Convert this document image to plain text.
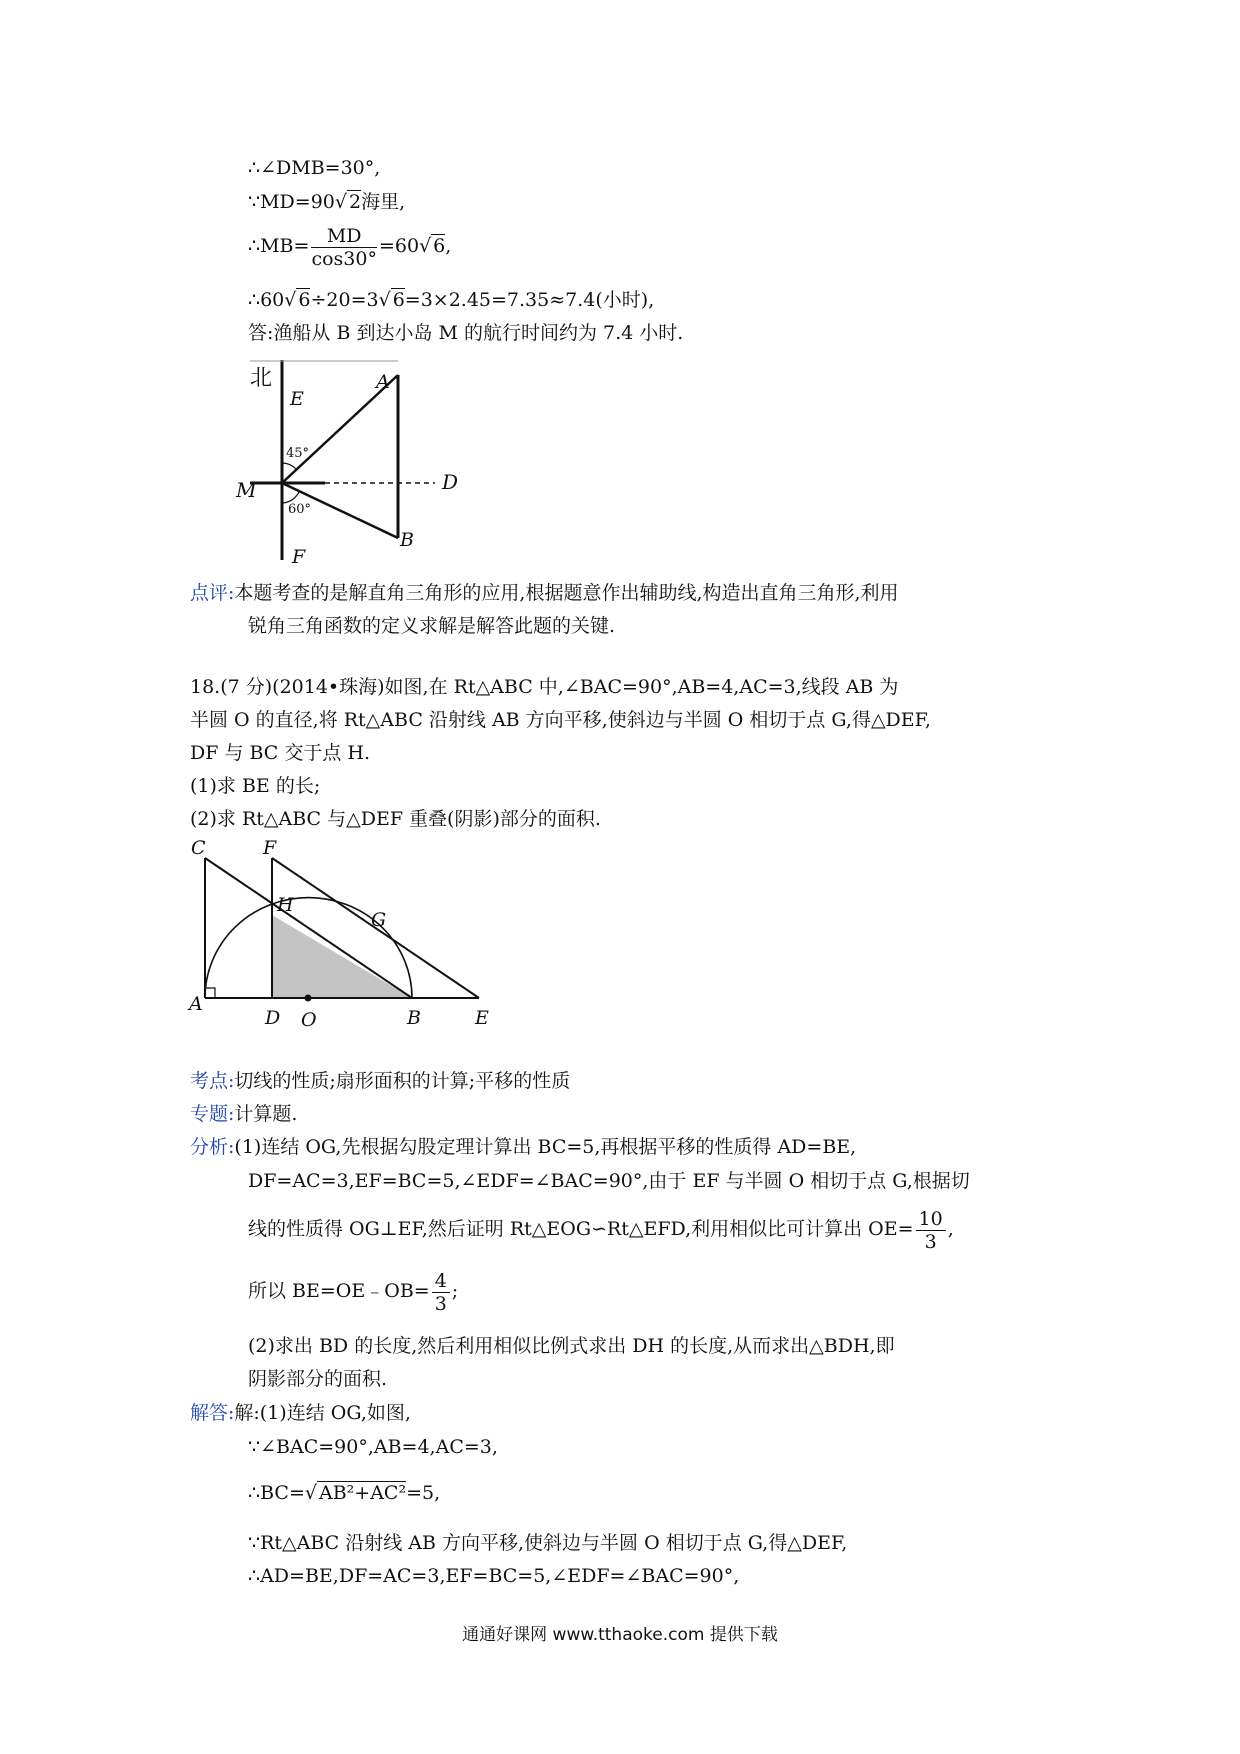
∴∠DMB=30°,
∵MD=90√ 2海里,
∴MB= $\frac{MD}{\cos 30^\circ} =60√$ 6,
∴60√ 6÷20=3√ 6=3×2.45=7.35≈7.4(小时),
答:渔船从 B 到达小岛 M 的航行时间约为 7.4 小时.
北	A
E
45°
M	D
60°
B
F
点评:本题考查的是解直角三角形的应用,根据题意作出辅助线,构造出直角三角形,利用
锐角三角函数的定义求解是解答此题的关键.
18.(7 分)(2014•珠海)如图,在 Rt△ABC 中,∠BAC=90°,AB=4,AC=3,线段 AB 为
半圆 O 的直径,将 Rt△ABC 沿射线 AB 方向平移,使斜边与半圆 O 相切于点 G,得△DEF,
DF 与 BC 交于点 H.
(1)求 BE 的长;
(2)求 Rt△ABC 与△DEF 重叠(阴影)部分的面积.
C	F
H
G
A
D O	B	E
考点:切线的性质;扇形面积的计算;平移的性质
专题:计算题.
分析:(1)连结 OG,先根据勾股定理计算出 BC=5,再根据平移的性质得 AD=BE,
DF=AC=3,EF=BC=5,∠EDF=∠BAC=90°,由于 EF 与半圆 O 相切于点 G,根据切
线的性质得 OG⊥EF,然后证明 Rt△EOG∽Rt△EFD,利用相似比可计算出 $OE= \frac{10}{3}$ ,
所以 BE=OE﹣OB= $\frac{4}{3}$ ;
(2)求出 BD 的长度,然后利用相似比例式求出 DH 的长度,从而求出△BDH,即
阴影部分的面积.
解答:解:(1)连结 OG,如图,
∵∠BAC=90°,AB=4,AC=3,
∴BC=√ AB²+AC²=5,
∵Rt△ABC 沿射线 AB 方向平移,使斜边与半圆 O 相切于点 G,得△DEF,
∴AD=BE,DF=AC=3,EF=BC=5,∠EDF=∠BAC=90°,
通通好课网 www.tthaoke.com 提供下载
